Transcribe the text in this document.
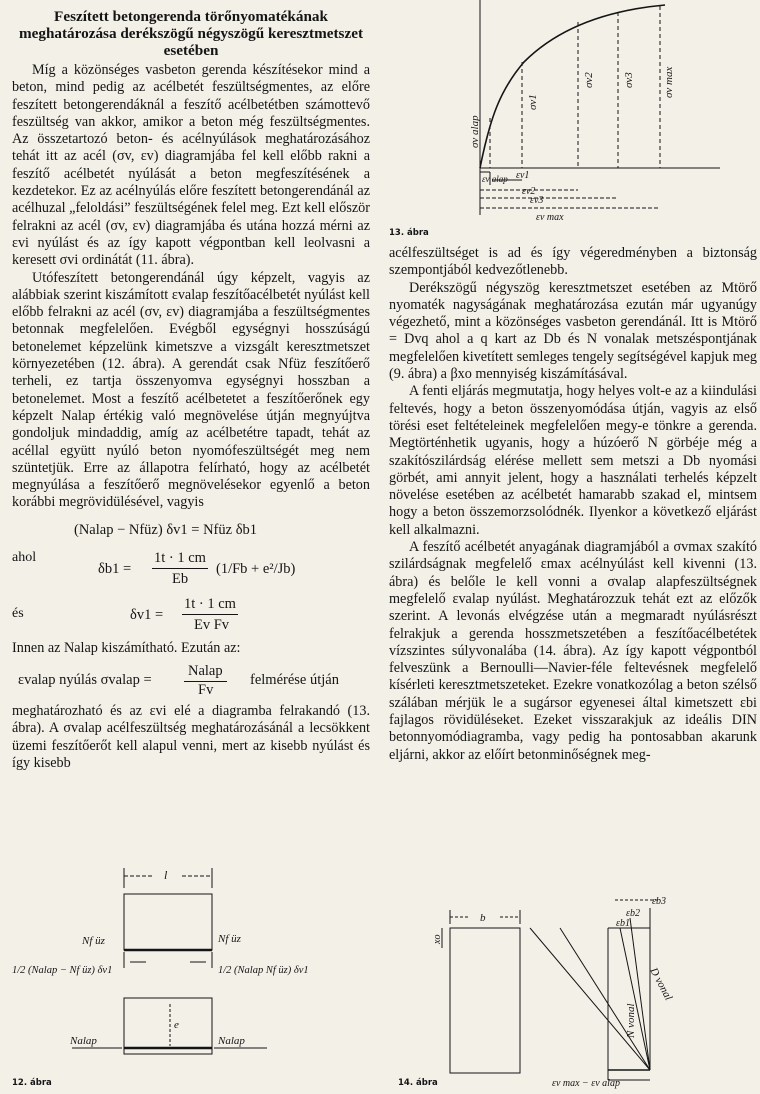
Feszített betongerenda törőnyomatékának meghatározása derékszögű négyszögű keresztmetszet esetében

Míg a közönséges vasbeton gerenda készítésekor mind a beton, mind pedig az acélbetét feszültségmentes, az előre feszített betongerendáknál a feszítő acélbetétben számottevő feszültség van akkor, amikor a beton még feszültségmentes. Az összetartozó beton- és acélnyúlások meghatározásához tehát itt az acél (σv, εv) diagramjába fel kell előbb rakni a feszítő acélbetét nyúlását a beton megfeszítésének a kezdetekor. Ez az acélnyúlás előre feszített betongerendánál az acélhuzal „feloldási” feszültségének felel meg. Ezt kell először felrakni az acél (σv, εv) diagramjába és utána hozzá mérni az εvi nyúlást és az így kapott végpontban kell leolvasni a keresett σvi ordinátát (11. ábra).

Utófeszített betongerendánál úgy képzelt, vagyis az alábbiak szerint kiszámított εvalap feszítőacélbetét nyúlást kell előbb felrakni az acél (σv, εv) diagramjába a feszültségmentes betonnak megfelelően. Evégből egységnyi hosszúságú betonelemet képzelünk kimetszve a vizsgált keresztmetszet környezetében (12. ábra). A gerendát csak Nfüz feszítőerő terheli, ez tartja összenyomva egységnyi hosszban a betonelemet. Most a feszítő acélbetetet a feszítőerőnek egy képzelt Nalap értékig való megnövelése útján megnyújtva gondoljuk mindaddig, amíg az acélbetétre tapadt, tehát az acéllal együtt nyúló beton nyomófeszültségét meg nem szüntetjük. Erre az állapotra felírható, hogy az acélbetét megnyúlása a feszítőerő megnövelésekor egyenlő a beton korábbi megrövidülésével, vagyis

(Nalap − Nfüz) δv1 = Nfüz δb1
ahol
δb1 =
1t · 1 cm
Eb
(1/Fb + e²/Jb)
és	δv1 =
1t · 1 cm
Ev Fv

Innen az Nalap kiszámítható. Ezután az:

εvalap nyúlás σvalap =
Nalap
Fv
felmérése útján

meghatározható és az εvi elé a diagramba felrakandó (13. ábra). A σvalap acélfeszültség meghatározásánál a lecsökkent üzemi feszítőerőt kell alapul venni, mert az kisebb nyúlást és így kisebb

l
Nf üz	Nf üz
1/2 (Nalap − Nf üz) δv1	1/2 (Nalap Nf üz) δv1
e
Nalap	Nalap
12. ábra
σv alap
σv1
σv2	σv3	σv max
εv alap εv1
εv2
εv3
εv max
13. ábra

acélfeszültséget is ad és így végeredményben a biztonság szempontjából kedvezőtlenebb.

Derékszögű négyszög keresztmetszet esetében az Mtörő nyomaték nagyságának meghatározása ezután már ugyanúgy végezhető, mint a közönséges vasbeton gerendánál. Itt is Mtörő = Dvq ahol a q kart az Db és N vonalak metszéspontjának megfelelően kivetített semleges tengely segítségével kapjuk meg (9. ábra) a βxo mennyiség kiszámításával.

A fenti eljárás megmutatja, hogy helyes volt-e az a kiindulási feltevés, hogy a beton összenyomódása útján, vagyis az első törési eset feltételeinek megfelelően megy-e tönkre a gerenda. Megtörténhetik ugyanis, hogy a húzóerő N görbéje még a szakítószilárdság elérése mellett sem metszi a Db nyomási görbét, ami annyit jelent, hogy a használati terhelés képzelt növelése esetében az acélbetét hamarabb szakad el, mintsem hogy a beton összemorzsolódnék. Ilyenkor a következő eljárást kell alkalmazni.

A feszítő acélbetét anyagának diagramjából a σvmax szakító szilárdságnak megfelelő εmax acélnyúlást kell kivenni (13. ábra) és belőle le kell vonni a σvalap alapfeszültségnek megfelelő εvalap nyúlást. Meghatározzuk tehát ezt az előzők szerint. A levonás elvégzése után a megmaradt nyúlásrészt felrakjuk a gerenda hosszmetszetében a feszítőacélbetétek vízszintes súlyvonalába (14. ábra). Az így kapott végpontból felveszünk a Bernoulli—Navier-féle feltevésnek megfelelő kísérleti keresztmetszeteket. Ezekre vonatkozólag a beton szélső szálában mérjük le a sugársor egyenesei által kimetszett εbi fajlagos rövidüléseket. Ezeket visszarakjuk az ideális DIN betonnyomódiagramba, vagy pedig ha pontosabban akarunk eljárni, akkor az előírt betonminőségnek meg-

b
xo
εb3
εb2
εb1
D vonal
N vonal
εv max − εv alap
14. ábra
